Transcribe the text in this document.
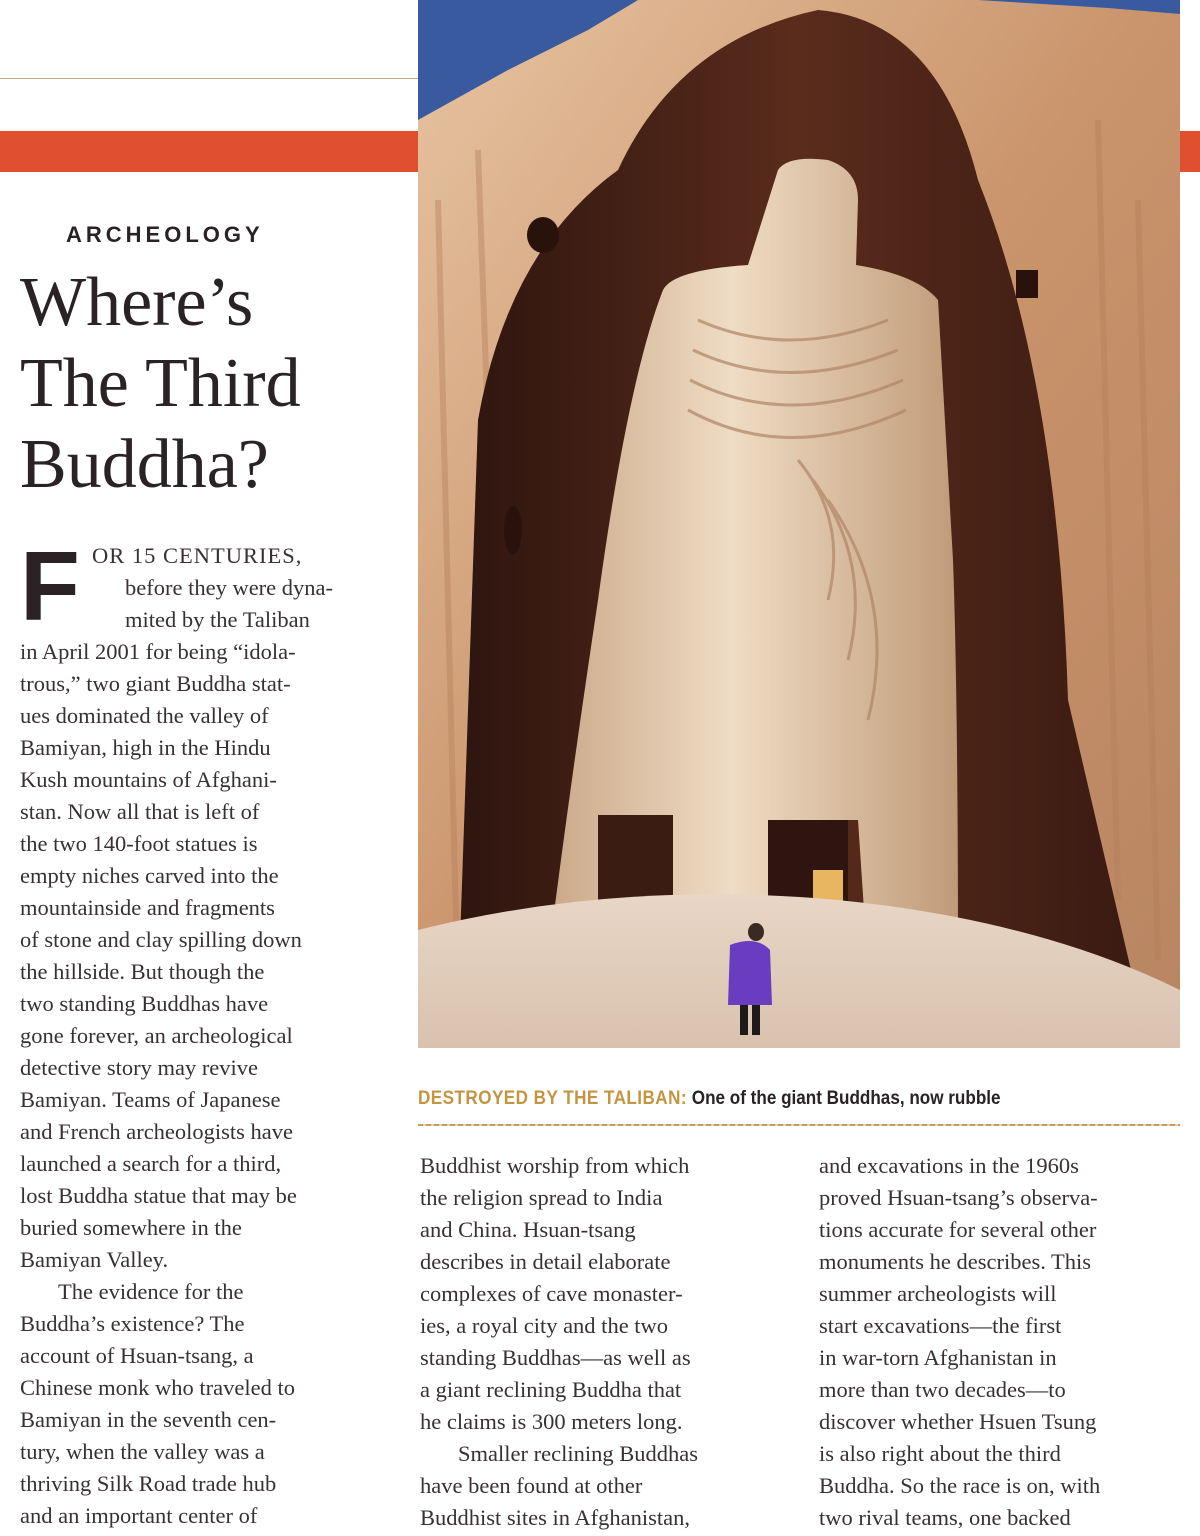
ARCHEOLOGY
Where’s
The Third
Buddha?
DESTROYED BY THE TALIBAN: One of the giant Buddhas, now rubble
F OR 15 CENTURIES,
before they were dyna-
mited by the Taliban
in April 2001 for being “idola-
trous,” two giant Buddha stat-
ues dominated the valley of
Bamiyan, high in the Hindu
Kush mountains of Afghani-
stan. Now all that is left of
the two 140-foot statues is
empty niches carved into the
mountainside and fragments
of stone and clay spilling down
the hillside. But though the
two standing Buddhas have
gone forever, an archeological
detective story may revive
Bamiyan. Teams of Japanese
and French archeologists have
launched a search for a third,
lost Buddha statue that may be
buried somewhere in the
Bamiyan Valley.
The evidence for the
Buddha’s existence? The
account of Hsuan-tsang, a
Chinese monk who traveled to
Bamiyan in the seventh cen-
tury, when the valley was a
thriving Silk Road trade hub
and an important center of
Buddhist worship from which
the religion spread to India
and China. Hsuan-tsang
describes in detail elaborate
complexes of cave monaster-
ies, a royal city and the two
standing Buddhas—as well as
a giant reclining Buddha that
he claims is 300 meters long.
Smaller reclining Buddhas
have been found at other
Buddhist sites in Afghanistan,
and excavations in the 1960s
proved Hsuan-tsang’s observa-
tions accurate for several other
monuments he describes. This
summer archeologists will
start excavations—the first
in war-torn Afghanistan in
more than two decades—to
discover whether Hsuen Tsung
is also right about the third
Buddha. So the race is on, with
two rival teams, one backed
